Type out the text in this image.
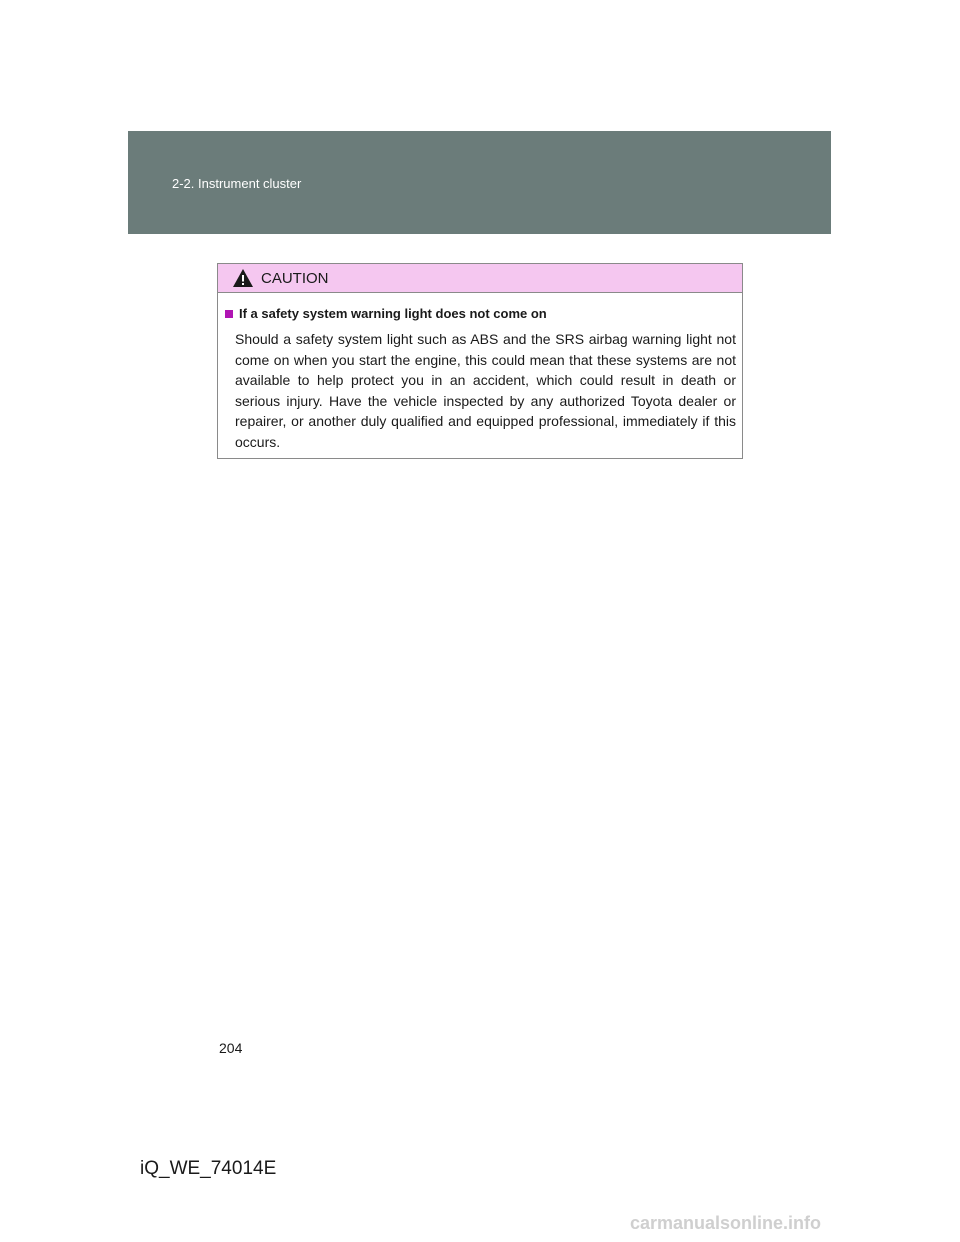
2-2. Instrument cluster
CAUTION
If a safety system warning light does not come on
Should a safety system light such as ABS and the SRS airbag warning light not come on when you start the engine, this could mean that these systems are not available to help protect you in an accident, which could result in death or serious injury. Have the vehicle inspected by any authorized Toyota dealer or repairer, or another duly qualified and equipped professional, immediately if this occurs.
204
iQ_WE_74014E
carmanualsonline.info
